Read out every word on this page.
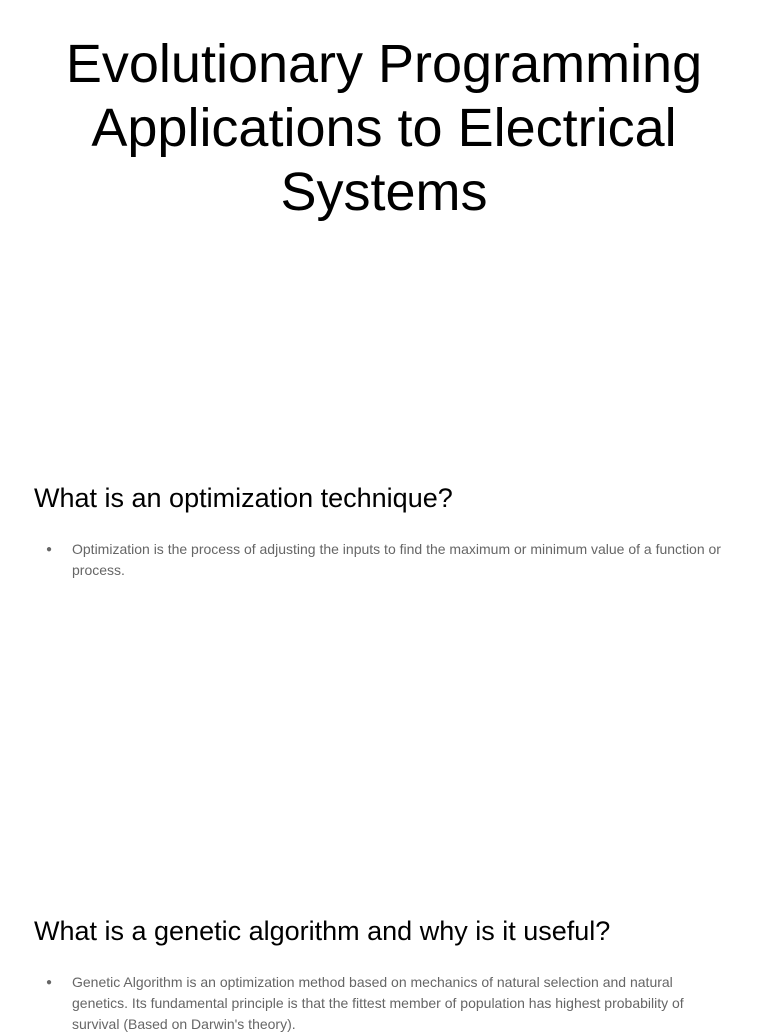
Evolutionary Programming Applications to Electrical Systems
What is an optimization technique?
● Optimization is the process of adjusting the inputs to find the maximum or minimum value of a function or process.
What is a genetic algorithm and why is it useful?
● Genetic Algorithm is an optimization method based on mechanics of natural selection and natural genetics. Its fundamental principle is that the fittest member of population has highest probability of survival (Based on Darwin's theory).
